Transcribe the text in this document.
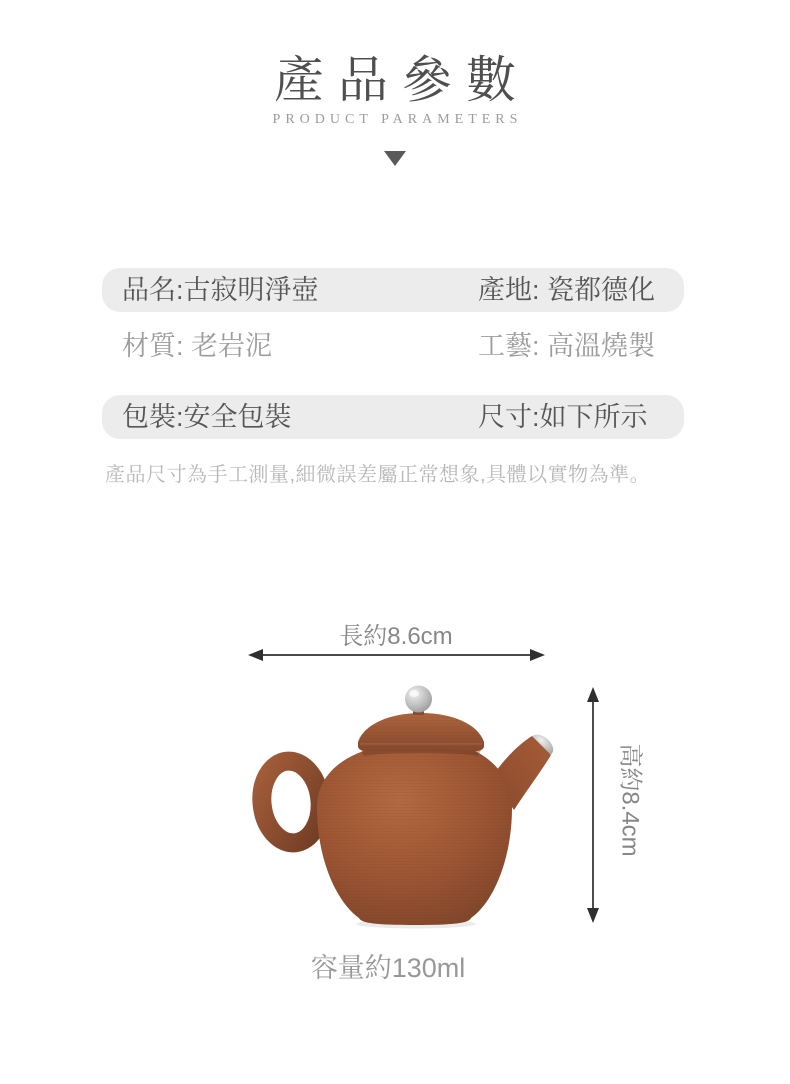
產品參數
PRODUCT PARAMETERS
品名:古寂明淨壺	產地: 瓷都德化
材質: 老岩泥	工藝: 高溫燒製
包裝:安全包裝	尺寸:如下所示
產品尺寸為手工測量,細微誤差屬正常想象,具體以實物為準。
長約8.6cm
高約8.4cm
容量約130ml
